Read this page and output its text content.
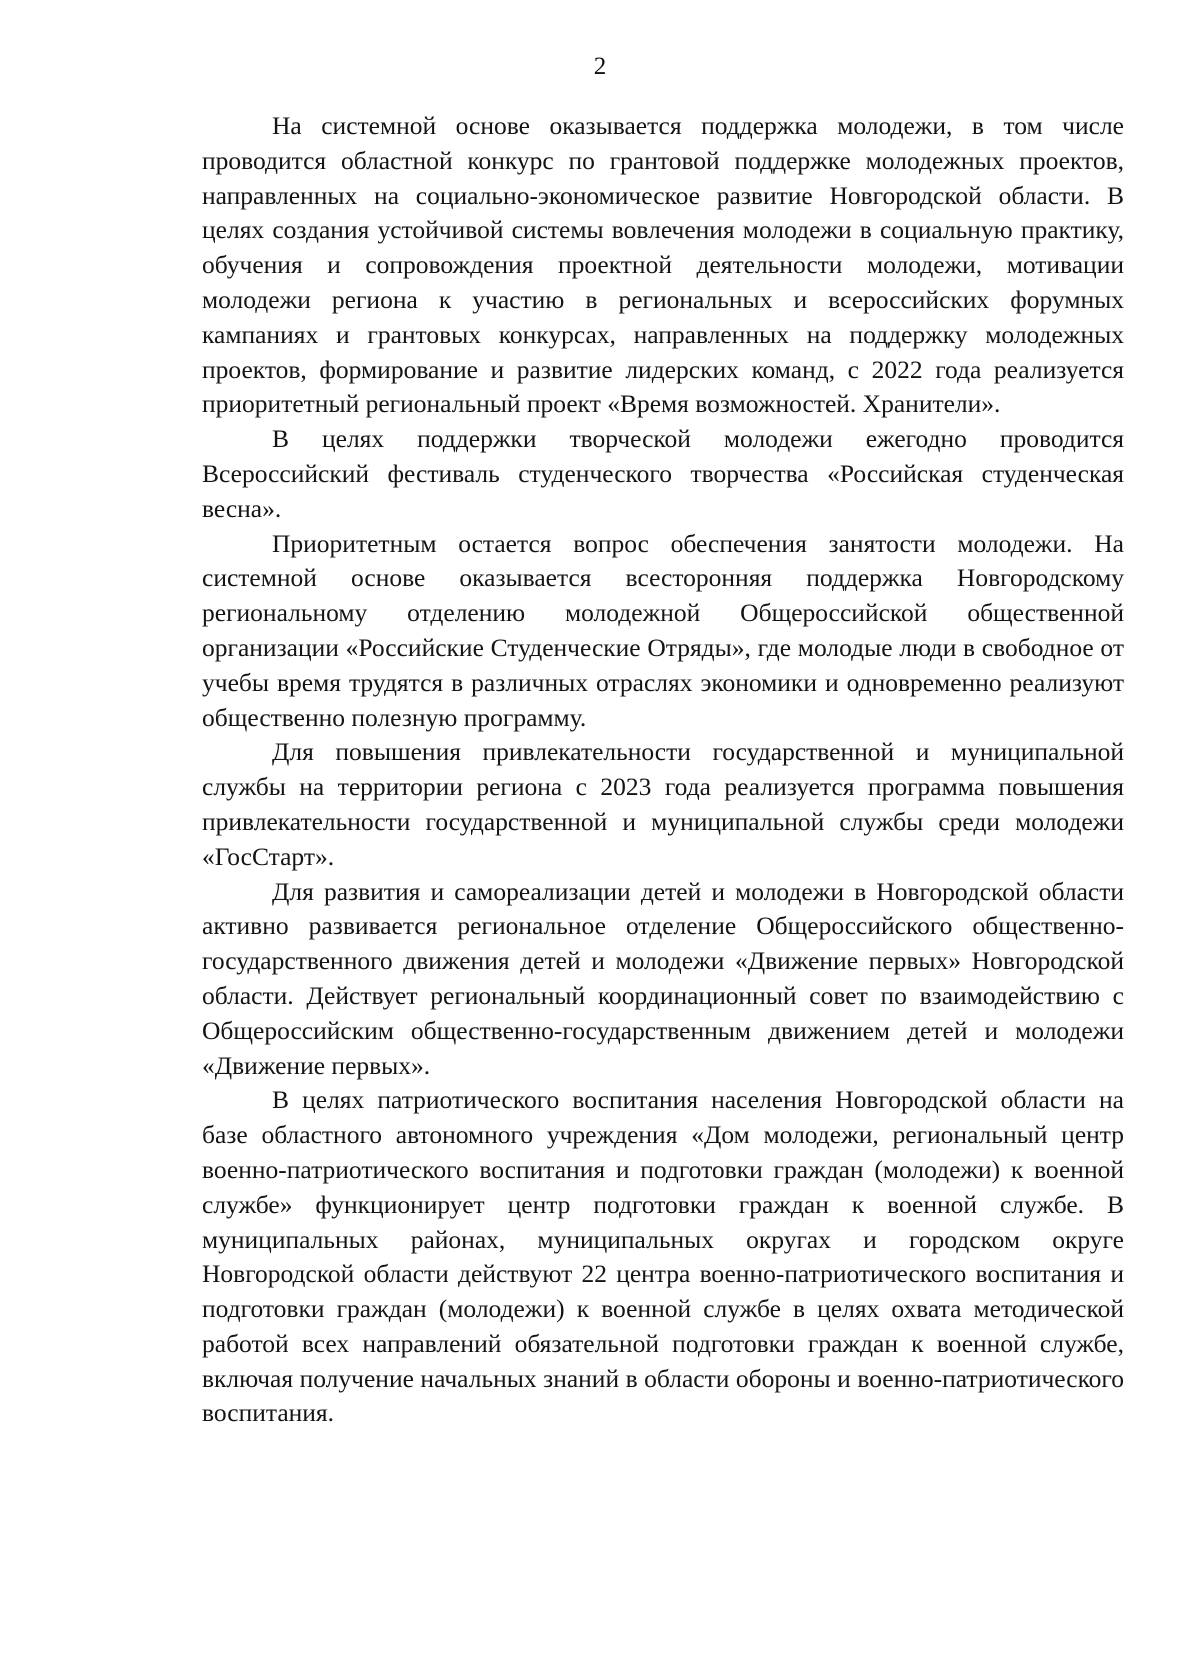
2

На системной основе оказывается поддержка молодежи, в том числе проводится областной конкурс по грантовой поддержке молодежных проектов, направленных на социально-экономическое развитие Новгородской области. В целях создания устойчивой системы вовлечения молодежи в социальную практику, обучения и сопровождения проектной деятельности молодежи, мотивации молодежи региона к участию в региональных и всероссийских форумных кампаниях и грантовых конкурсах, направленных на поддержку молодежных проектов, формирование и развитие лидерских команд, с 2022 года реализуется приоритетный региональный проект «Время возможностей. Хранители».

В целях поддержки творческой молодежи ежегодно проводится Всероссийский фестиваль студенческого творчества «Российская студенческая весна».

Приоритетным остается вопрос обеспечения занятости молодежи. На системной основе оказывается всесторонняя поддержка Новгородскому региональному отделению молодежной Общероссийской общественной организации «Российские Студенческие Отряды», где молодые люди в свободное от учебы время трудятся в различных отраслях экономики и одновременно реализуют общественно полезную программу.

Для повышения привлекательности государственной и муниципальной службы на территории региона с 2023 года реализуется программа повышения привлекательности государственной и муниципальной службы среди молодежи «ГосСтарт».

Для развития и самореализации детей и молодежи в Новгородской области активно развивается региональное отделение Общероссийского общественно-государственного движения детей и молодежи «Движение первых» Новгородской области. Действует региональный координационный совет по взаимодействию с Общероссийским общественно-государственным движением детей и молодежи «Движение первых».

В целях патриотического воспитания населения Новгородской области на базе областного автономного учреждения «Дом молодежи, региональный центр военно-патриотического воспитания и подготовки граждан (молодежи) к военной службе» функционирует центр подготовки граждан к военной службе. В муниципальных районах, муниципальных округах и городском округе Новгородской области действуют 22 центра военно-патриотического воспитания и подготовки граждан (молодежи) к военной службе в целях охвата методической работой всех направлений обязательной подготовки граждан к военной службе, включая получение начальных знаний в области обороны и военно-патриотического воспитания.
